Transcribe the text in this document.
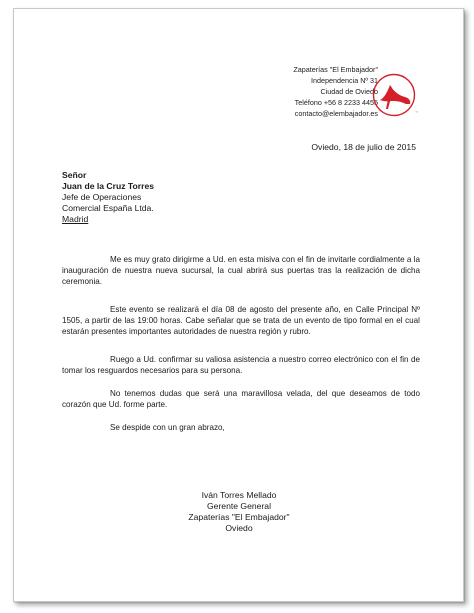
Zapaterías "El Embajador"
Independencia Nº 31
Ciudad de Oviedo
Teléfono +56 8 2233 4455
contacto@elembajador.es	™
Oviedo, 18 de julio de 2015
Señor
Juan de la Cruz Torres
Jefe de Operaciones
Comercial España Ltda.
Madrid

Me es muy grato dirigirme a Ud. en esta misiva con el fin de invitarle cordialmente a la inauguración de nuestra nueva sucursal, la cual abrirá sus puertas tras la realización de dicha ceremonia.

Este evento se realizará el día 08 de agosto del presente año, en Calle Principal Nº 1505, a partir de las 19:00 horas. Cabe señalar que se trata de un evento de tipo formal en el cual estarán presentes importantes autoridades de nuestra región y rubro.

Ruego a Ud. confirmar su valiosa asistencia a nuestro correo electrónico con el fin de tomar los resguardos necesarios para su persona.

No tenemos dudas que será una maravillosa velada, del que deseamos de todo corazón que Ud. forme parte.

Se despide con un gran abrazo,

Iván Torres Mellado
Gerente General
Zapaterías "El Embajador"
Oviedo
